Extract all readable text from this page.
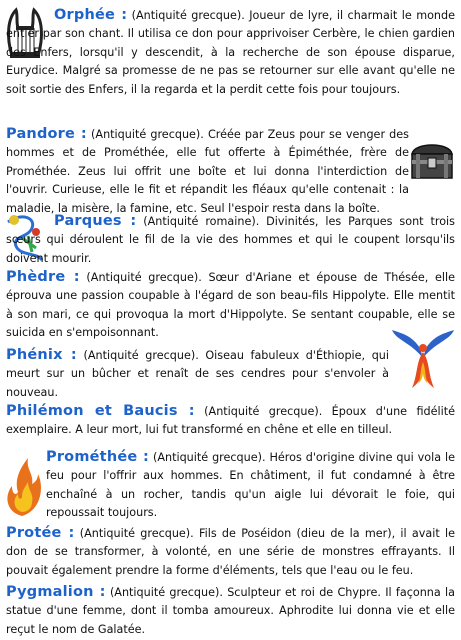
Orphée : (Antiquité grecque). Joueur de lyre, il charmait le monde entier par son chant. Il utilisa ce don pour apprivoiser Cerbère, le chien gardien des Enfers, lorsqu'il y descendit, à la recherche de son épouse disparue, Eurydice. Malgré sa promesse de ne pas se retourner sur elle avant qu'elle ne soit sortie des Enfers, il la regarda et la perdit cette fois pour toujours.

Pandore : (Antiquité grecque). Créée par Zeus pour se venger des hommes et de Prométhée, elle fut offerte à Épiméthée, frère de Prométhée. Zeus lui offrit une boîte et lui donna l'interdiction de l'ouvrir. Curieuse, elle le fit et répandit les fléaux qu'elle contenait : la maladie, la misère, la famine, etc. Seul l'espoir resta dans la boîte.

Parques : (Antiquité romaine). Divinités, les Parques sont trois sœurs qui déroulent le fil de la vie des hommes et qui le coupent lorsqu'ils doivent mourir.

Phèdre : (Antiquité grecque). Sœur d'Ariane et épouse de Thésée, elle éprouva une passion coupable à l'égard de son beau-fils Hippolyte. Elle mentit à son mari, ce qui provoqua la mort d'Hippolyte. Se sentant coupable, elle se suicida en s'empoisonnant.

Phénix : (Antiquité grecque). Oiseau fabuleux d'Éthiopie, qui meurt sur un bûcher et renaît de ses cendres pour s'envoler à nouveau.

Philémon et Baucis : (Antiquité grecque). Époux d'une fidélité exemplaire. A leur mort, lui fut transformé en chêne et elle en tilleul.

Prométhée : (Antiquité grecque). Héros d'origine divine qui vola le feu pour l'offrir aux hommes. En châtiment, il fut condamné à être enchaîné à un rocher, tandis qu'un aigle lui dévorait le foie, qui repoussait toujours.

Protée : (Antiquité grecque). Fils de Poséidon (dieu de la mer), il avait le don de se transformer, à volonté, en une série de monstres effrayants. Il pouvait également prendre la forme d'éléments, tels que l'eau ou le feu.

Pygmalion : (Antiquité grecque). Sculpteur et roi de Chypre. Il façonna la statue d'une femme, dont il tomba amoureux. Aphrodite lui donna vie et elle reçut le nom de Galatée.
